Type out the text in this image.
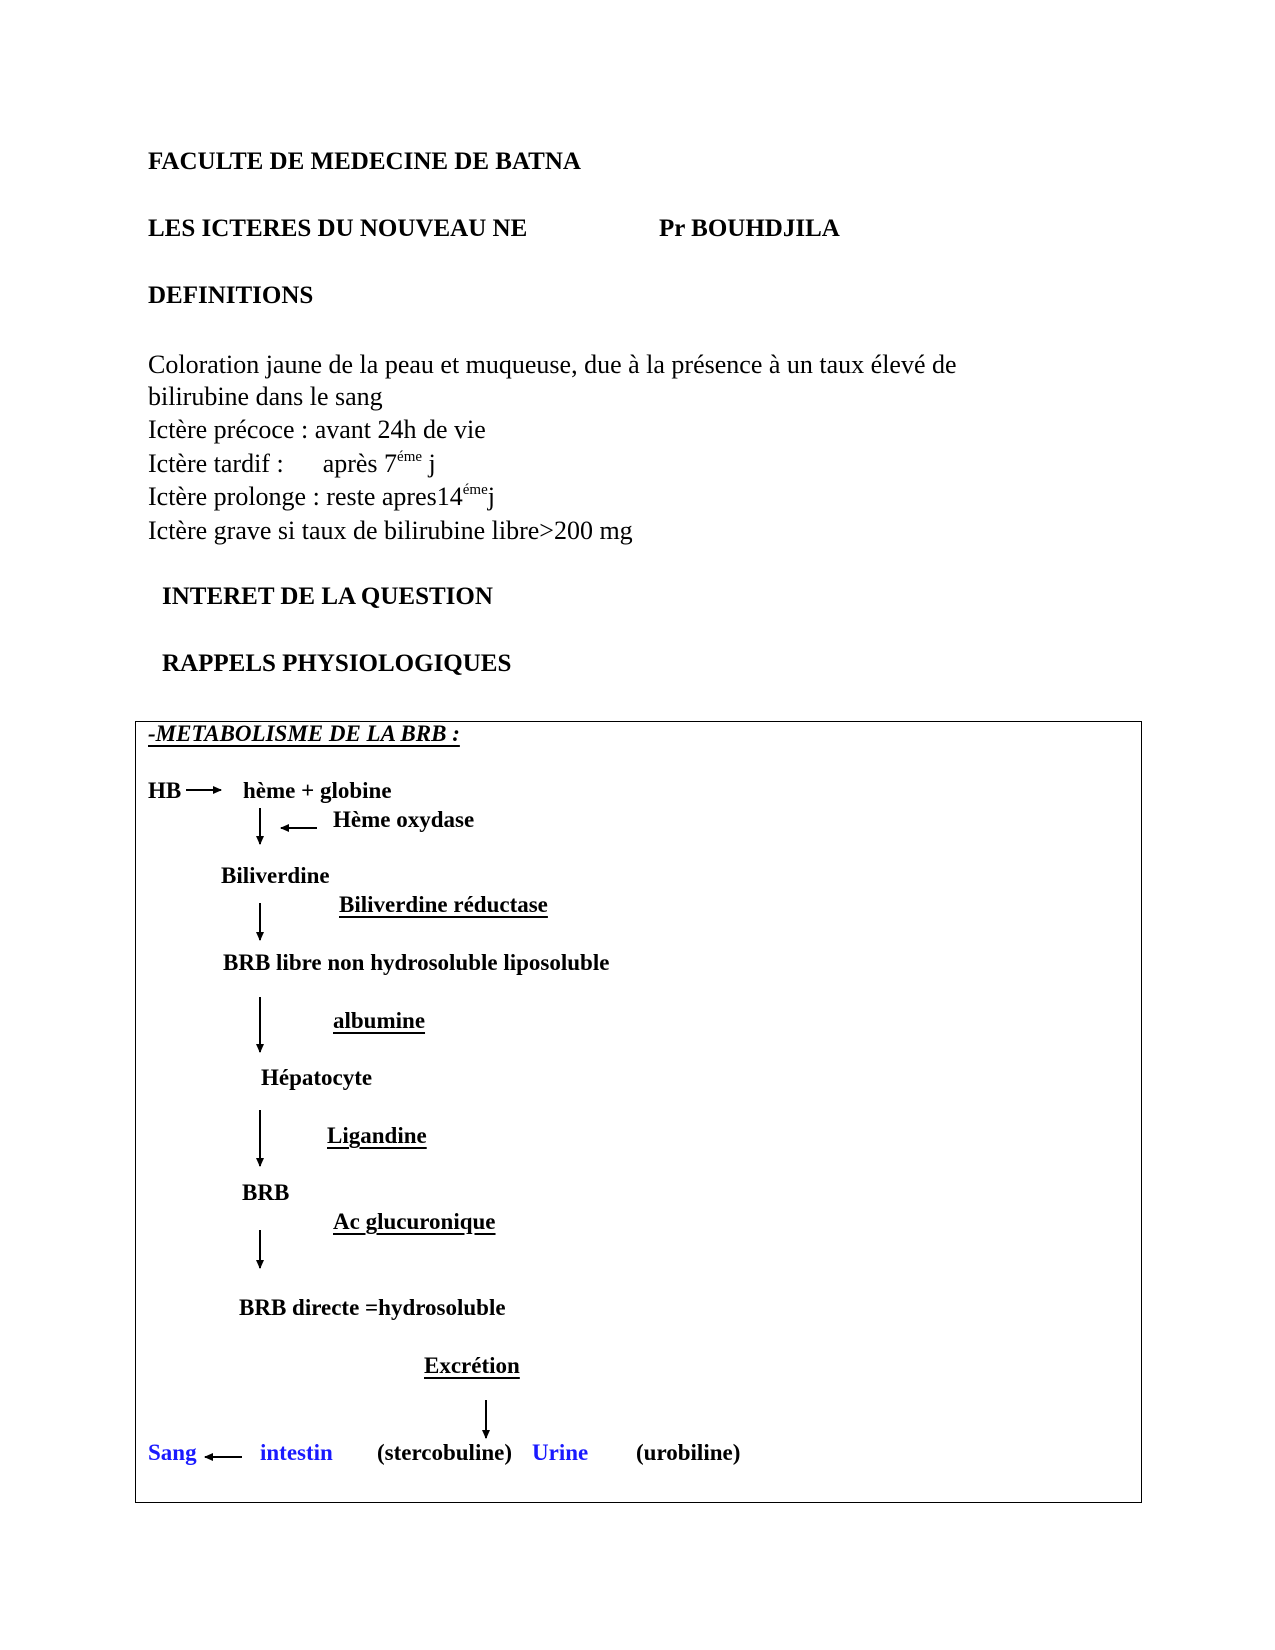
FACULTE DE MEDECINE DE BATNA
LES ICTERES DU NOUVEAU NE	Pr BOUHDJILA
DEFINITIONS
Coloration jaune de la peau et muqueuse, due à la présence à un taux élevé de
bilirubine dans le sang
Ictère précoce : avant 24h de vie
Ictère tardif :      après $7^{éme}$ j
Ictère prolonge : reste $apres14^{éme}j$
Ictère grave si taux de bilirubine libre>200 mg
INTERET DE LA QUESTION
RAPPELS PHYSIOLOGIQUES
-METABOLISME DE LA BRB :
HB	hème + globine
Hème oxydase
Biliverdine
Biliverdine réductase
BRB libre non hydrosoluble liposoluble
albumine
Hépatocyte
Ligandine
BRB
Ac glucuronique
BRB directe =hydrosoluble
Excrétion
Sang	intestin (stercobuline) Urine (urobiline)
